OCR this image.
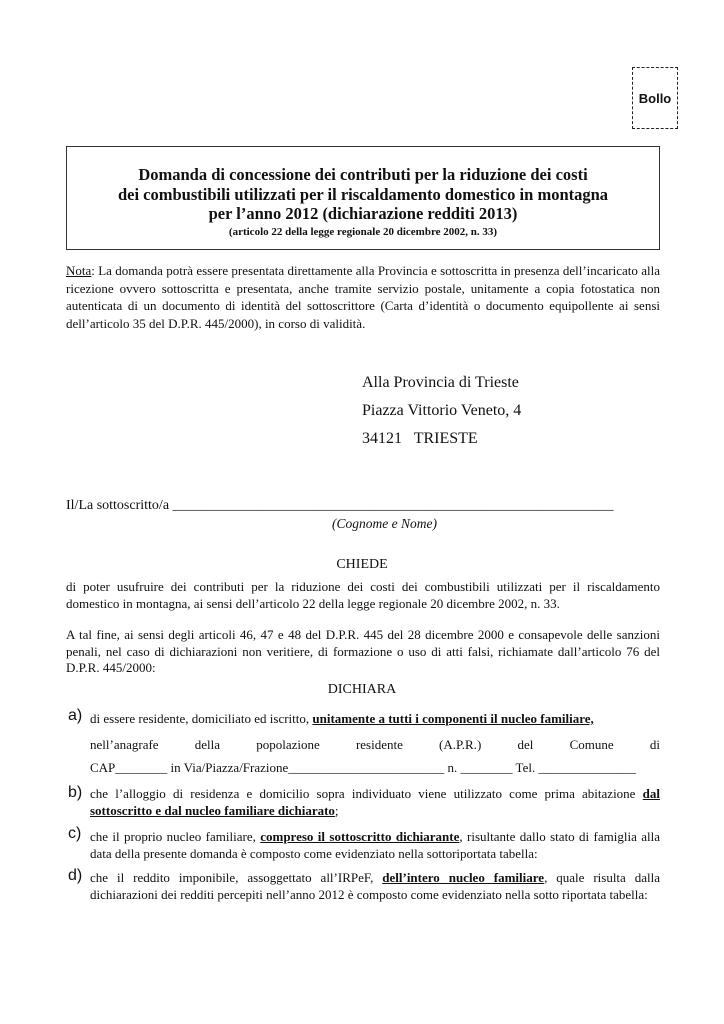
Bollo
Domanda di concessione dei contributi per la riduzione dei costi
dei combustibili utilizzati per il riscaldamento domestico in montagna
per l’anno 2012 (dichiarazione redditi 2013)
(articolo 22 della legge regionale 20 dicembre 2002, n. 33)
Nota: La domanda potrà essere presentata direttamente alla Provincia e sottoscritta in presenza dell’incaricato alla ricezione ovvero sottoscritta e presentata, anche tramite servizio postale, unitamente a copia fotostatica non autenticata di un documento di identità del sottoscrittore (Carta d’identità o documento equipollente ai sensi dell’articolo 35 del D.P.R. 445/2000), in corso di validità.
Alla Provincia di Trieste
Piazza Vittorio Veneto, 4
34121   TRIESTE
Il/La sottoscritto/a _______________________________________________________________
(Cognome e Nome)
CHIEDE
di poter usufruire dei contributi per la riduzione dei costi dei combustibili utilizzati per il riscaldamento domestico in montagna, ai sensi dell’articolo 22 della legge regionale 20 dicembre 2002, n. 33.
A tal fine, ai sensi degli articoli 46, 47 e 48 del D.P.R. 445 del 28 dicembre 2000 e consapevole delle sanzioni penali, nel caso di dichiarazioni non veritiere, di formazione o uso di atti falsi, richiamate dall’articolo 76 del D.P.R. 445/2000:
DICHIARA
a) di essere residente, domiciliato ed iscritto, unitamente a tutti i componenti il nucleo familiare,
nell’anagrafe	della	popolazione	residente	(A.P.R.)	del	Comune	di
CAP________ in Via/Piazza/Frazione________________________ n. ________ Tel. _______________
b) che l’alloggio di residenza e domicilio sopra individuato viene utilizzato come prima abitazione dal sottoscritto e dal nucleo familiare dichiarato;
c) che il proprio nucleo familiare, compreso il sottoscritto dichiarante, risultante dallo stato di famiglia alla data della presente domanda è composto come evidenziato nella sottoriportata tabella:
d) che il reddito imponibile, assoggettato all’IRPeF, dell’intero nucleo familiare, quale risulta dalla dichiarazioni dei redditi percepiti nell’anno 2012 è composto come evidenziato nella sotto riportata tabella:
